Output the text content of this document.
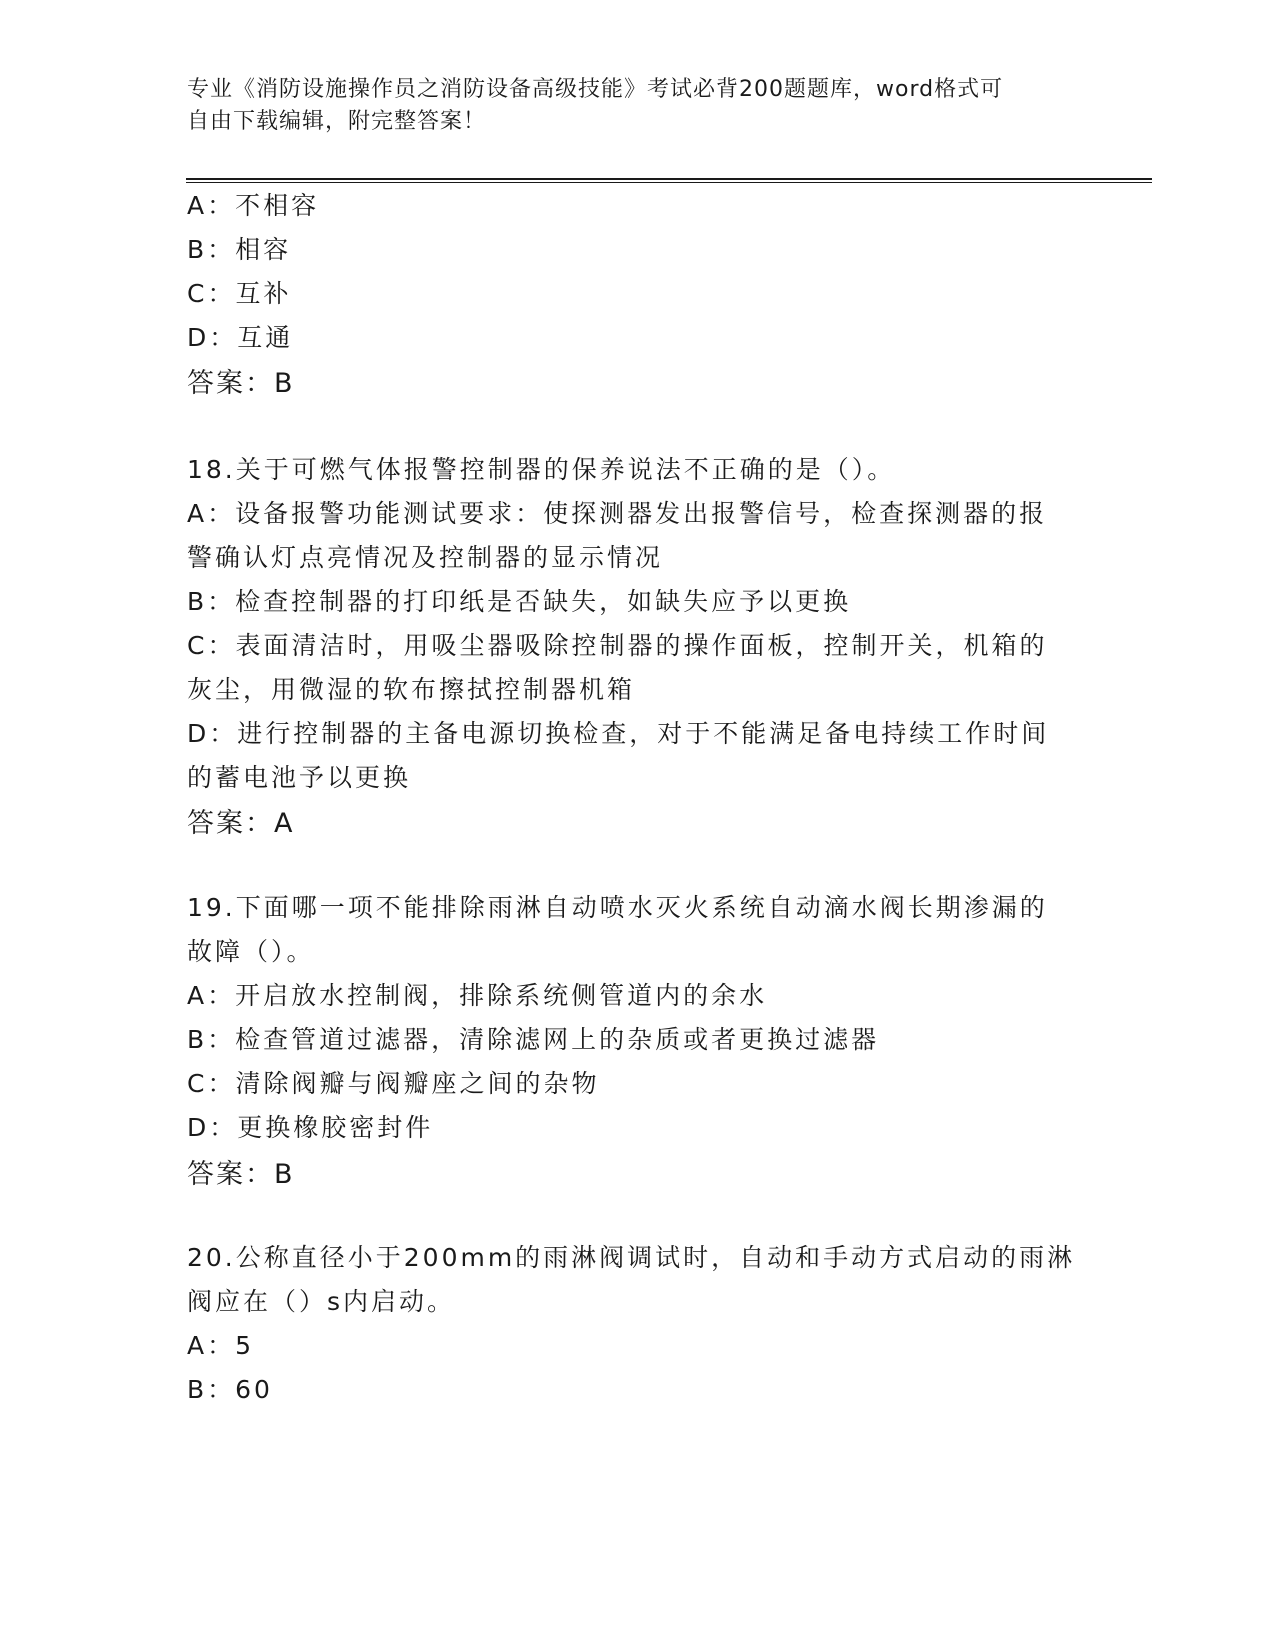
专业《消防设施操作员之消防设备高级技能》考试必背200题题库，word格式可
自由下载编辑，附完整答案！
A：不相容
B：相容
C：互补
D：互通
答案：B
18.关于可燃气体报警控制器的保养说法不正确的是（）。
A：设备报警功能测试要求：使探测器发出报警信号，检查探测器的报
警确认灯点亮情况及控制器的显示情况
B：检查控制器的打印纸是否缺失，如缺失应予以更换
C：表面清洁时，用吸尘器吸除控制器的操作面板，控制开关，机箱的
灰尘，用微湿的软布擦拭控制器机箱
D：进行控制器的主备电源切换检查，对于不能满足备电持续工作时间
的蓄电池予以更换
答案：A
19.下面哪一项不能排除雨淋自动喷水灭火系统自动滴水阀长期渗漏的
故障（）。
A：开启放水控制阀，排除系统侧管道内的余水
B：检查管道过滤器，清除滤网上的杂质或者更换过滤器
C：清除阀瓣与阀瓣座之间的杂物
D：更换橡胶密封件
答案：B
20.公称直径小于200mm的雨淋阀调试时，自动和手动方式启动的雨淋
阀应在（）s内启动。
A：5
B：60
